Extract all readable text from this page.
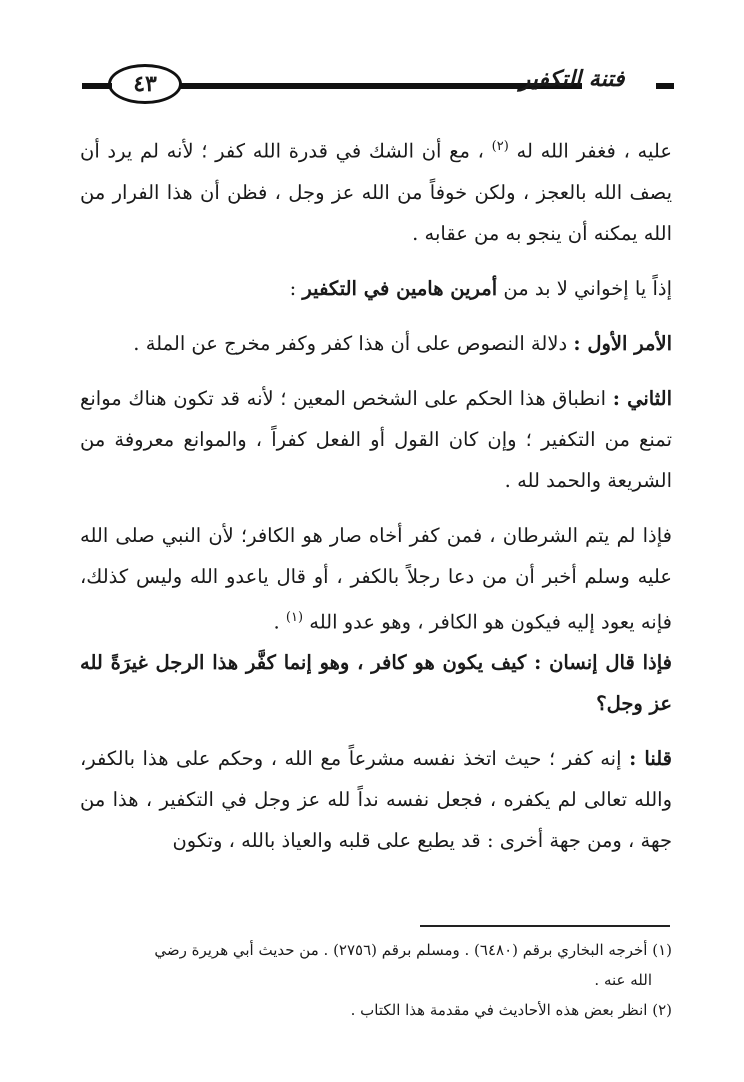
٤٣	فتنة التكفير

عليه ، فغفر الله له $^{(٢)}$ ، مع أن الشك في قدرة الله كفر ؛ لأنه لم يرد أن يصف الله بالعجز ، ولكن خوفاً من الله عز وجل ، فظن أن هذا الفرار من الله يمكنه أن ينجو به من عقابه .

إذاً يا إخواني لا بد من أمرين هامين في التكفير :

الأمر الأول : دلالة النصوص على أن هذا كفر وكفر مخرج عن الملة .

الثاني : انطباق هذا الحكم على الشخص المعين ؛ لأنه قد تكون هناك موانع تمنع من التكفير ؛ وإن كان القول أو الفعل كفراً ، والموانع معروفة من الشريعة والحمد لله .

فإذا لم يتم الشرطان ، فمن كفر أخاه صار هو الكافر؛ لأن النبي صلى الله عليه وسلم أخبر أن من دعا رجلاً بالكفر ، أو قال ياعدو الله وليس كذلك، فإنه يعود إليه فيكون هو الكافر ، وهو عدو الله $^{(١)}$ .

فإذا قال إنسان : كيف يكون هو كافر ، وهو إنما كفَّر هذا الرجل غيرَةً لله عز وجل؟

قلنا : إنه كفر ؛ حيث اتخذ نفسه مشرعاً مع الله ، وحكم على هذا بالكفر، والله تعالى لم يكفره ، فجعل نفسه نداً لله عز وجل في التكفير ، هذا من جهة ، ومن جهة أخرى : قد يطبع على قلبه والعياذ بالله ، وتكون

(١) أخرجه البخاري برقم (٦٤٨٠) . ومسلم برقم (٢٧٥٦) . من حديث أبي هريرة رضي

الله عنه .

(٢) انظر بعض هذه الأحاديث في مقدمة هذا الكتاب .
